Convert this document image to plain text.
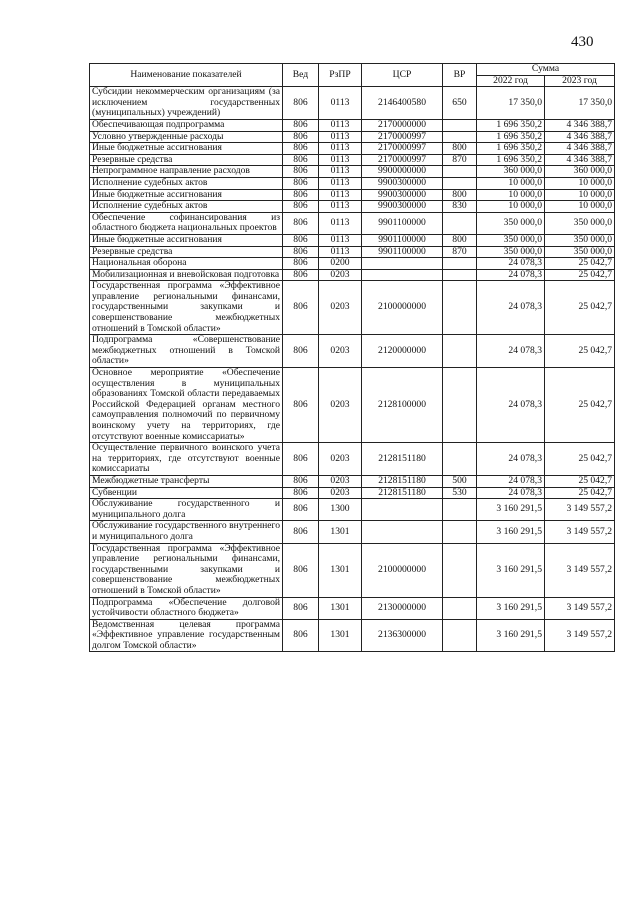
430
Наименование показателей	Вед	РзПР	ЦСР	ВР	Сумма	
					2022 год	2023 год
Субсидии некоммерческим организациям (за исключением государственных (муниципальных) учреждений)	806	0113	2146400580	650	17 350,0	17 350,0
Обеспечивающая подпрограмма	806	0113	2170000000		1 696 350,2	4 346 388,7
Условно утвержденные расходы	806	0113	2170000997		1 696 350,2	4 346 388,7
Иные бюджетные ассигнования	806	0113	2170000997	800	1 696 350,2	4 346 388,7
Резервные средства	806	0113	2170000997	870	1 696 350,2	4 346 388,7
Непрограммное направление расходов	806	0113	9900000000		360 000,0	360 000,0
Исполнение судебных актов	806	0113	9900300000		10 000,0	10 000,0
Иные бюджетные ассигнования	806	0113	9900300000	800	10 000,0	10 000,0
Исполнение судебных актов	806	0113	9900300000	830	10 000,0	10 000,0
Обеспечение софинансирования из областного бюджета национальных проектов	806	0113	9901100000		350 000,0	350 000,0
Иные бюджетные ассигнования	806	0113	9901100000	800	350 000,0	350 000,0
Резервные средства	806	0113	9901100000	870	350 000,0	350 000,0
Национальная оборона	806	0200			24 078,3	25 042,7
Мобилизационная и вневойсковая подготовка	806	0203			24 078,3	25 042,7
Государственная программа «Эффективное управление региональными финансами, государственными закупками и совершенствование межбюджетных отношений в Томской области»	806	0203	2100000000		24 078,3	25 042,7
Подпрограмма «Совершенствование межбюджетных отношений в Томской области»	806	0203	2120000000		24 078,3	25 042,7
Основное мероприятие «Обеспечение осуществления в муниципальных образованиях Томской области передаваемых Российской Федерацией органам местного самоуправления полномочий по первичному воинскому учету на территориях, где отсутствуют военные комиссариаты»	806	0203	2128100000		24 078,3	25 042,7
Осуществление первичного воинского учета на территориях, где отсутствуют военные комиссариаты	806	0203	2128151180		24 078,3	25 042,7
Межбюджетные трансферты	806	0203	2128151180	500	24 078,3	25 042,7
Субвенции	806	0203	2128151180	530	24 078,3	25 042,7
Обслуживание государственного и муниципального долга	806	1300			3 160 291,5	3 149 557,2
Обслуживание государственного внутреннего и муниципального долга	806	1301			3 160 291,5	3 149 557,2
Государственная программа «Эффективное управление региональными финансами, государственными закупками и совершенствование межбюджетных отношений в Томской области»	806	1301	2100000000		3 160 291,5	3 149 557,2
Подпрограмма «Обеспечение долговой устойчивости областного бюджета»	806	1301	2130000000		3 160 291,5	3 149 557,2
Ведомственная целевая программа «Эффективное управление государственным долгом Томской области»	806	1301	2136300000		3 160 291,5	3 149 557,2
